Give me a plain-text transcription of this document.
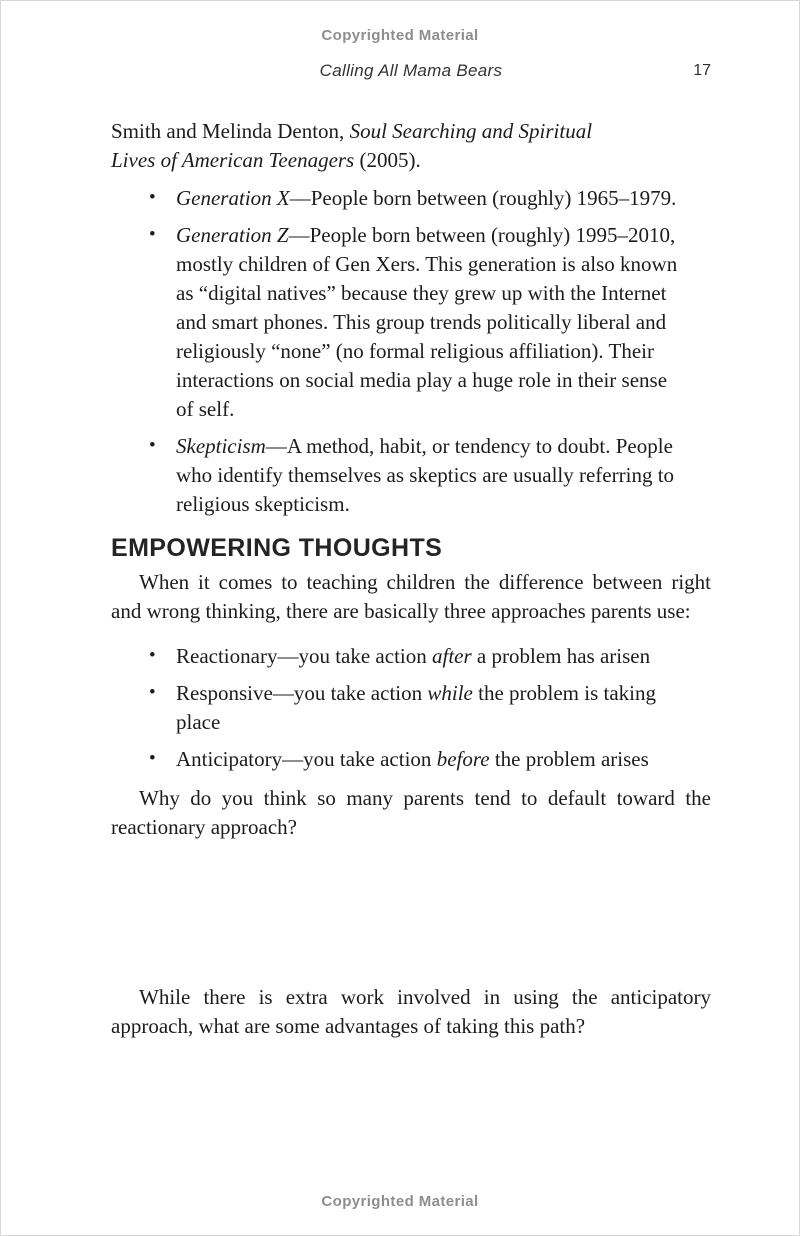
Copyrighted Material
Calling All Mama Bears	17

Smith and Melinda Denton, Soul Searching and Spiritual Lives of American Teenagers (2005).

• Generation X—People born between (roughly) 1965–1979.
• Generation Z—People born between (roughly) 1995–2010, mostly children of Gen Xers. This generation is also known as “digital natives” because they grew up with the Internet and smart phones. This group trends politically liberal and religiously “none” (no formal religious affiliation). Their interactions on social media play a huge role in their sense of self.
• Skepticism—A method, habit, or tendency to doubt. People who identify themselves as skeptics are usually referring to religious skepticism.
EMPOWERING THOUGHTS

When it comes to teaching children the difference between right and wrong thinking, there are basically three approaches parents use:

• Reactionary—you take action after a problem has arisen
• Responsive—you take action while the problem is taking place
• Anticipatory—you take action before the problem arises

Why do you think so many parents tend to default toward the reactionary approach?

While there is extra work involved in using the anticipatory approach, what are some advantages of taking this path?

Copyrighted Material
